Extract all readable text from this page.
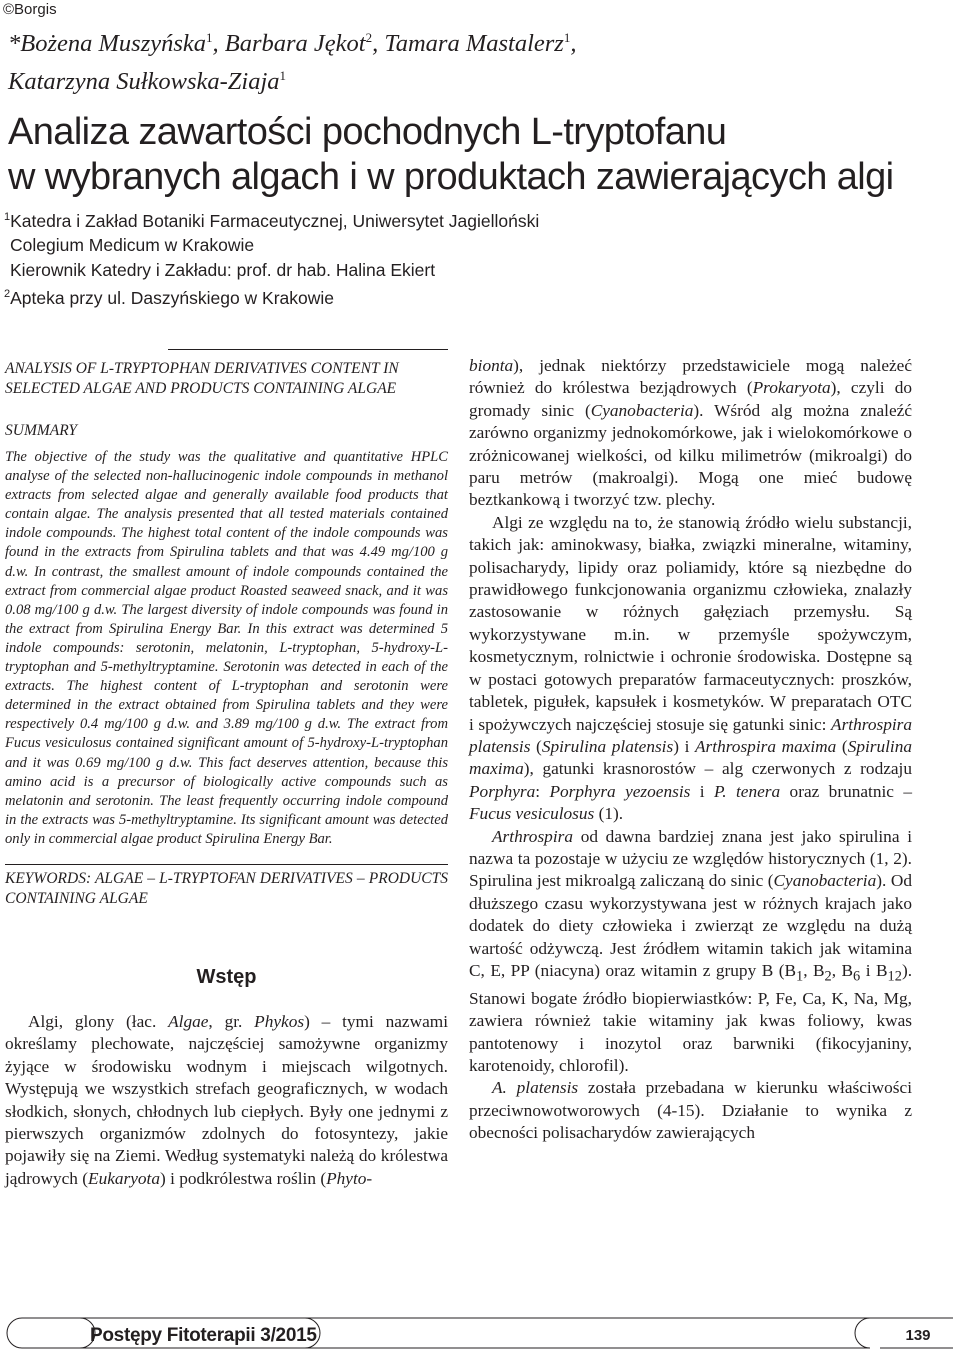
©Borgis
*Bożena Muszyńska$^1$, Barbara Jękot$^2$, Tamara Mastalerz$^1$,
Katarzyna Sułkowska-Ziaja$^1$
Analiza zawartości pochodnych L-tryptofanu
w wybranych algach i w produktach zawierających algi
$^1$Katedra i Zakład Botaniki Farmaceutycznej, Uniwersytet Jagielloński
Colegium Medicum w Krakowie
Kierownik Katedry i Zakładu: prof. dr hab. Halina Ekiert
$^2$Apteka przy ul. Daszyńskiego w Krakowie
ANALYSIS OF L-TRYPTOPHAN DERIVATIVES CONTENT IN SELECTED ALGAE AND PRODUCTS CONTAINING ALGAE
SUMMARY
The objective of the study was the qualitative and quantitative HPLC analyse of the selected non-hallucinogenic indole compounds in methanol extracts from selected algae and generally available food products that contain algae. The analysis presented that all tested materials contained indole compounds. The highest total content of the indole compounds was found in the extracts from Spirulina tablets and that was 4.49 mg/100 g d.w. In contrast, the smallest amount of indole compounds contained the extract from commercial algae product Roasted seaweed snack, and it was 0.08 mg/100 g d.w. The largest diversity of indole compounds was found in the extract from Spirulina Energy Bar. In this extract was determined 5 indole compounds: serotonin, melatonin, L-tryptophan, 5-hydroxy-L-tryptophan and 5-methyltryptamine. Serotonin was detected in each of the extracts. The highest content of L-tryptophan and serotonin were determined in the extract obtained from Spirulina tablets and they were respectively 0.4 mg/100 g d.w. and 3.89 mg/100 g d.w. The extract from Fucus vesiculosus contained significant amount of 5-hydroxy-L-tryptophan and it was 0.69 mg/100 g d.w. This fact deserves attention, because this amino acid is a precursor of biologically active compounds such as melatonin and serotonin. The least frequently occurring indole compound in the extracts was 5-methyltryptamine. Its significant amount was detected only in commercial algae product Spirulina Energy Bar.
KEYWORDS: ALGAE – L-TRYPTOFAN DERIVATIVES – PRODUCTS CONTAINING ALGAE
Wstęp

Algi, glony (łac. Algae, gr. Phykos) – tymi nazwami określamy plechowate, najczęściej samożywne organizmy żyjące w środowisku wodnym i miejscach wilgotnych. Występują we wszystkich strefach geograficznych, w wodach słodkich, słonych, chłodnych lub ciepłych. Były one jednymi z pierwszych organizmów zdolnych do fotosyntezy, jakie pojawiły się na Ziemi. Według systematyki należą do królestwa jądrowych (Eukaryota) i podkrólestwa roślin (Phyto-

bionta), jednak niektórzy przedstawiciele mogą należeć również do królestwa bezjądrowych (Prokaryota), czyli do gromady sinic (Cyanobacteria). Wśród alg można znaleźć zarówno organizmy jednokomórkowe, jak i wielokomórkowe o zróżnicowanej wielkości, od kilku milimetrów (mikroalgi) do paru metrów (makroalgi). Mogą one mieć budowę beztkankową i tworzyć tzw. plechy.

Algi ze względu na to, że stanowią źródło wielu substancji, takich jak: aminokwasy, białka, związki mineralne, witaminy, polisacharydy, lipidy oraz poliamidy, które są niezbędne do prawidłowego funkcjonowania organizmu człowieka, znalazły zastosowanie w różnych gałęziach przemysłu. Są wykorzystywane m.in. w przemyśle spożywczym, kosmetycznym, rolnictwie i ochronie środowiska. Dostępne są w postaci gotowych preparatów farmaceutycznych: proszków, tabletek, pigułek, kapsułek i kosmetyków. W preparatach OTC i spożywczych najczęściej stosuje się gatunki sinic: Arthrospira platensis (Spirulina platensis) i Arthrospira maxima (Spirulina maxima), gatunki krasnorostów – alg czerwonych z rodzaju Porphyra: Porphyra yezoensis i P. tenera oraz brunatnic – Fucus vesiculosus (1).

Arthrospira od dawna bardziej znana jest jako spirulina i nazwa ta pozostaje w użyciu ze względów historycznych (1, 2). Spirulina jest mikroalgą zaliczaną do sinic (Cyanobacteria). Od dłuższego czasu wykorzystywana jest w różnych krajach jako dodatek do diety człowieka i zwierząt ze względu na dużą wartość odżywczą. Jest źródłem witamin takich jak witamina C, E, PP (niacyna) oraz witamin z grupy B ($B_1$, $B_2$, $B_6$ i $B_{12}$). Stanowi bogate źródło biopierwiastków: P, Fe, Ca, K, Na, Mg, zawiera również takie witaminy jak kwas foliowy, kwas pantotenowy i inozytol oraz barwniki (fikocyjaniny, karotenoidy, chlorofil).

A. platensis została przebadana w kierunku właściwości przeciwnowotworowych (4-15). Działanie to wynika z obecności polisacharydów zawierających

Postępy Fitoterapii 3/2015	139
